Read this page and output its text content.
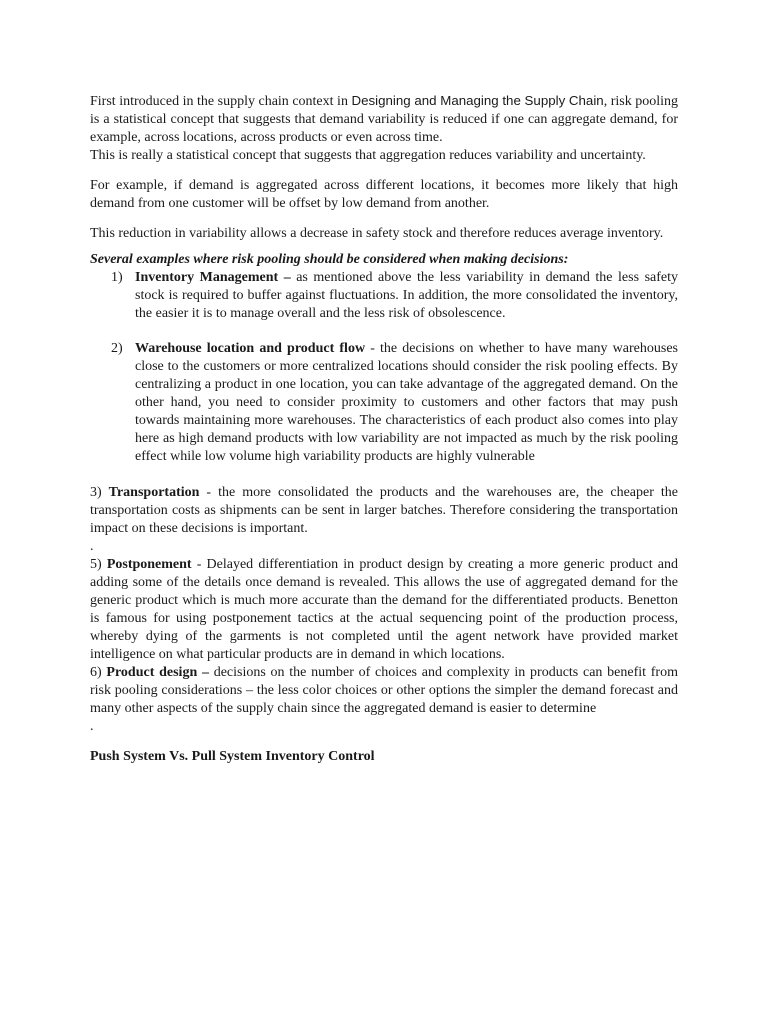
First introduced in the supply chain context in Designing and Managing the Supply Chain, risk pooling is a statistical concept that suggests that demand variability is reduced if one can aggregate demand, for example, across locations, across products or even across time.

This is really a statistical concept that suggests that aggregation reduces variability and uncertainty.

For example, if demand is aggregated across different locations, it becomes more likely that high demand from one customer will be offset by low demand from another.

This reduction in variability allows a decrease in safety stock and therefore reduces average inventory.

Several examples where risk pooling should be considered when making decisions:

1) Inventory Management – as mentioned above the less variability in demand the less safety stock is required to buffer against fluctuations. In addition, the more consolidated the inventory, the easier it is to manage overall and the less risk of obsolescence.

2) Warehouse location and product flow - the decisions on whether to have many warehouses close to the customers or more centralized locations should consider the risk pooling effects. By centralizing a product in one location, you can take advantage of the aggregated demand. On the other hand, you need to consider proximity to customers and other factors that may push towards maintaining more warehouses. The characteristics of each product also comes into play here as high demand products with low variability are not impacted as much by the risk pooling effect while low volume high variability products are highly vulnerable

3) Transportation - the more consolidated the products and the warehouses are, the cheaper the transportation costs as shipments can be sent in larger batches. Therefore considering the transportation impact on these decisions is important.

.

5) Postponement - Delayed differentiation in product design by creating a more generic product and adding some of the details once demand is revealed. This allows the use of aggregated demand for the generic product which is much more accurate than the demand for the differentiated products. Benetton is famous for using postponement tactics at the actual sequencing point of the production process, whereby dying of the garments is not completed until the agent network have provided market intelligence on what particular products are in demand in which locations.

6) Product design – decisions on the number of choices and complexity in products can benefit from risk pooling considerations – the less color choices or other options the simpler the demand forecast and many other aspects of the supply chain since the aggregated demand is easier to determine

.

Push System Vs. Pull System Inventory Control
